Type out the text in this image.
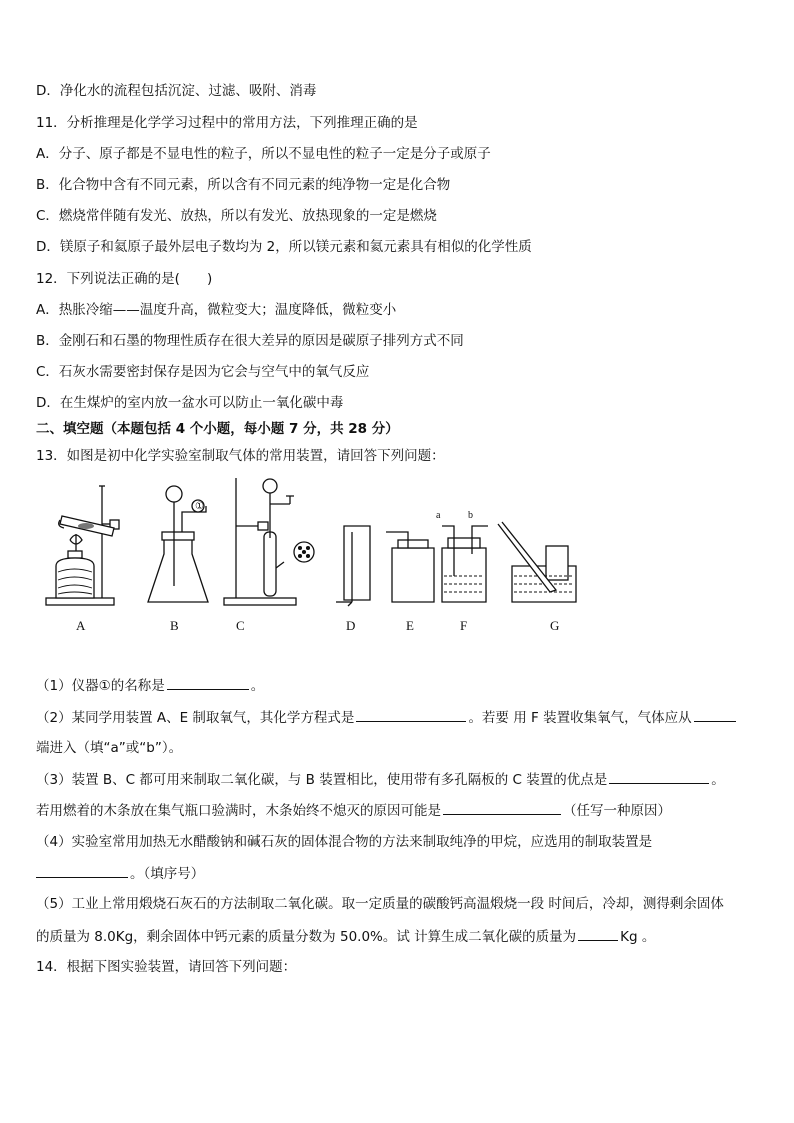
D．净化水的流程包括沉淀、过滤、吸附、消毒
11．分析推理是化学学习过程中的常用方法，下列推理正确的是
A．分子、原子都是不显电性的粒子，所以不显电性的粒子一定是分子或原子
B．化合物中含有不同元素，所以含有不同元素的纯净物一定是化合物
C．燃烧常伴随有发光、放热，所以有发光、放热现象的一定是燃烧
D．镁原子和氦原子最外层电子数均为 2，所以镁元素和氦元素具有相似的化学性质
12．下列说法正确的是(　　)
A．热胀冷缩——温度升高，微粒变大；温度降低，微粒变小
B．金刚石和石墨的物理性质存在很大差异的原因是碳原子排列方式不同
C．石灰水需要密封保存是因为它会与空气中的氧气反应
D．在生煤炉的室内放一盆水可以防止一氧化碳中毒
二、填空题（本题包括 4 个小题，每小题 7 分，共 28 分）
13．如图是初中化学实验室制取气体的常用装置，请回答下列问题：
①
a	b
A	B	C	D	E	F	G
（1）仪器①的名称是	。
（2）某同学用装置 A、E 制取氧气，其化学方程式是	。若要 用 F 装置收集氧气，气体应从
端进入（填“a”或“b”）。
（3）装置 B、C 都可用来制取二氧化碳，与 B 装置相比，使用带有多孔隔板的 C 装置的优点是	。
若用燃着的木条放在集气瓶口验满时，木条始终不熄灭的原因可能是	（任写一种原因）
（4）实验室常用加热无水醋酸钠和碱石灰的固体混合物的方法来制取纯净的甲烷，应选用的制取装置是
。（填序号）
（5）工业上常用煅烧石灰石的方法制取二氧化碳。取一定质量的碳酸钙高温煅烧一段 时间后，冷却，测得剩余固体
的质量为 8.0Kg，剩余固体中钙元素的质量分数为 50.0%。试 计算生成二氧化碳的质量为	Kg 。
14．根据下图实验装置，请回答下列问题：
